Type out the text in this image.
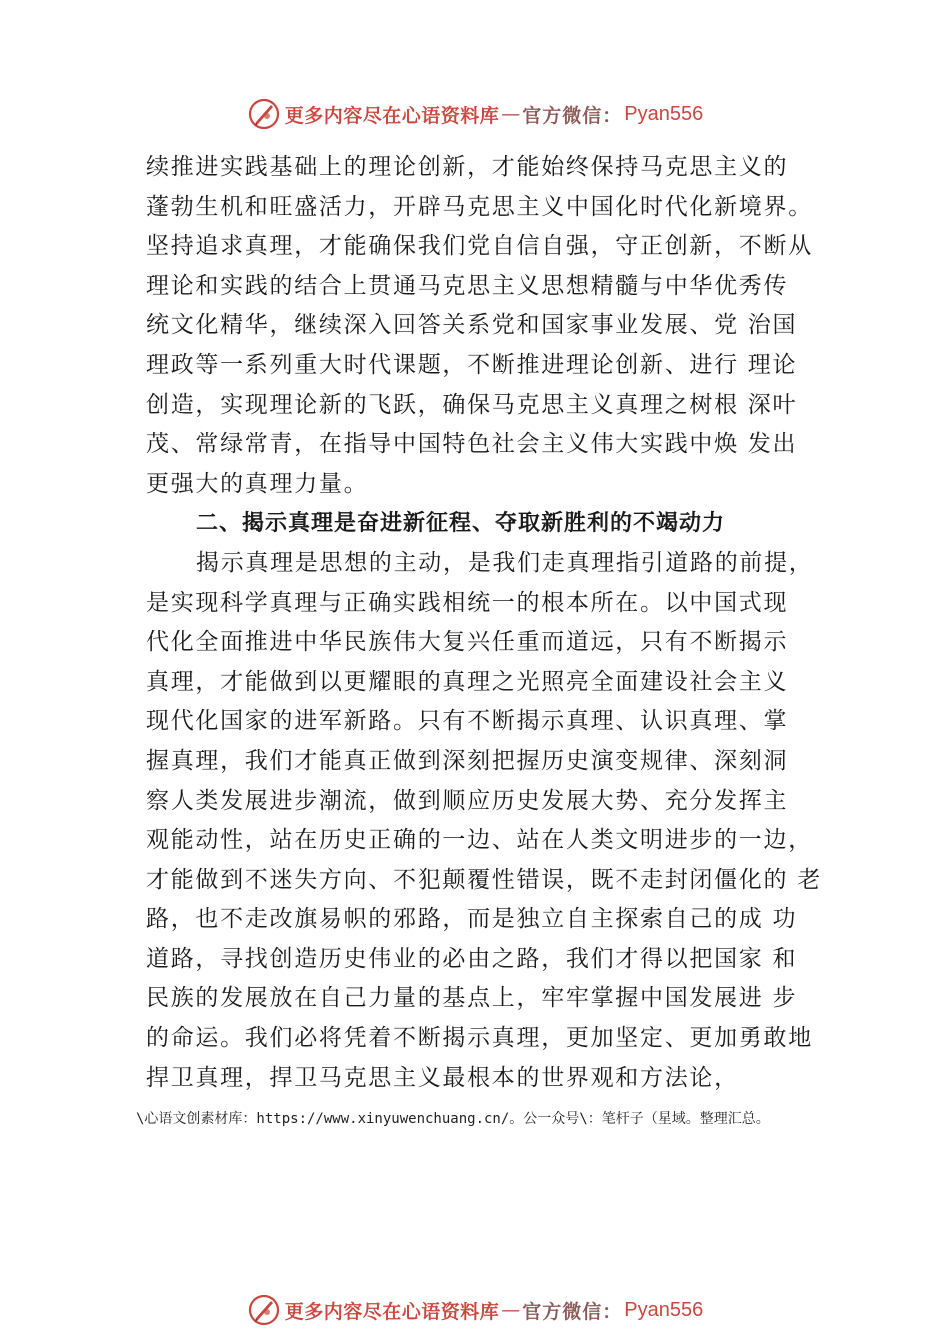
更多内容尽在心语资料库 — 官方微信： Pyan556
续推进实践基础上的理论创新，才能始终保持马克思主义的
蓬勃生机和旺盛活力，开辟马克思主义中国化时代化新境界。
坚持追求真理，才能确保我们党自信自强，守正创新，不断从
理论和实践的结合上贯通马克思主义思想精髓与中华优秀传
统文化精华，继续深入回答关系党和国家事业发展、党 治国
理政等一系列重大时代课题，不断推进理论创新、进行 理论
创造，实现理论新的飞跃，确保马克思主义真理之树根 深叶
茂、常绿常青，在指导中国特色社会主义伟大实践中焕 发出
更强大的真理力量。
二、揭示真理是奋进新征程、夺取新胜利的不竭动力
揭示真理是思想的主动，是我们走真理指引道路的前提，
是实现科学真理与正确实践相统一的根本所在。以中国式现
代化全面推进中华民族伟大复兴任重而道远，只有不断揭示
真理，才能做到以更耀眼的真理之光照亮全面建设社会主义
现代化国家的进军新路。只有不断揭示真理、认识真理、掌
握真理，我们才能真正做到深刻把握历史演变规律、深刻洞
察人类发展进步潮流，做到顺应历史发展大势、充分发挥主
观能动性，站在历史正确的一边、站在人类文明进步的一边，
才能做到不迷失方向、不犯颠覆性错误，既不走封闭僵化的 老
路，也不走改旗易帜的邪路，而是独立自主探索自己的成 功
道路，寻找创造历史伟业的必由之路，我们才得以把国家 和
民族的发展放在自己力量的基点上，牢牢掌握中国发展进 步
的命运。我们必将凭着不断揭示真理，更加坚定、更加勇敢地
捍卫真理，捍卫马克思主义最根本的世界观和方法论，
\心语文创素材库：https://www.xinyuwenchuang.cn/。公一众号\：笔杆子（星域。整理汇总。
更多内容尽在心语资料库 — 官方微信： Pyan556
